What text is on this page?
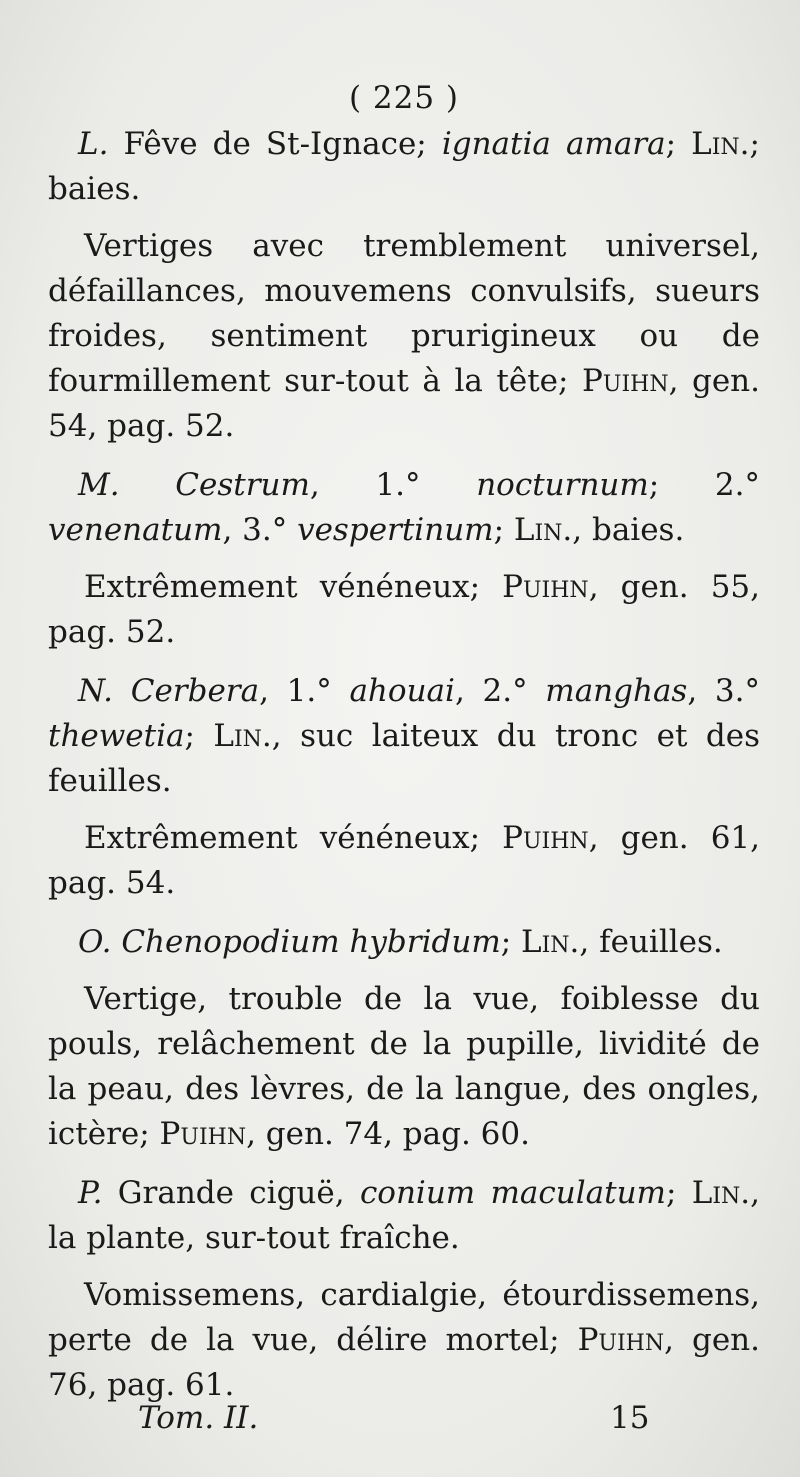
( 225 )

L. Fêve de St-Ignace; ignatia amara; Lin.; baies.

Vertiges avec tremblement universel, défaillances, mouvemens convulsifs, sueurs froides, sentiment prurigineux ou de fourmillement sur-tout à la tête; Puihn, gen. 54, pag. 52.

M. Cestrum, 1.° nocturnum; 2.° venenatum, 3.° vespertinum; Lin., baies.

Extrêmement vénéneux; Puihn, gen. 55, pag. 52.

N. Cerbera, 1.° ahouai, 2.° manghas, 3.° thewetia; Lin., suc laiteux du tronc et des feuilles.

Extrêmement vénéneux; Puihn, gen. 61, pag. 54.

O. Chenopodium hybridum; Lin., feuilles.

Vertige, trouble de la vue, foiblesse du pouls, relâchement de la pupille, lividité de la peau, des lèvres, de la langue, des ongles, ictère; Puihn, gen. 74, pag. 60.

P. Grande ciguë, conium maculatum; Lin., la plante, sur-tout fraîche.

Vomissemens, cardialgie, étourdissemens, perte de la vue, délire mortel; Puihn, gen. 76, pag. 61.

Tom. II.	15
